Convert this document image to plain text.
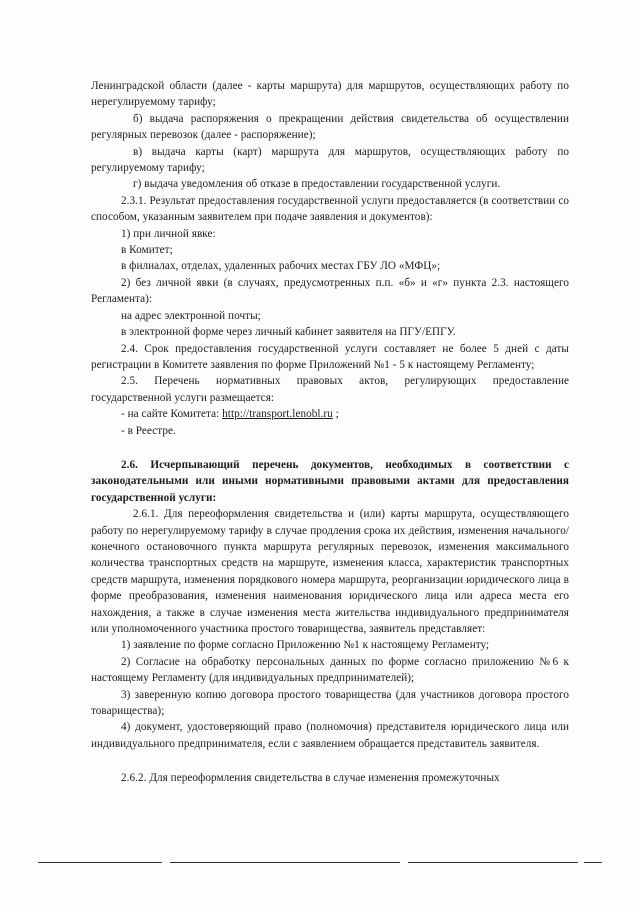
Ленинградской области (далее - карты маршрута) для маршрутов, осуществляющих работу по нерегулируемому тарифу;

б) выдача распоряжения о прекращении действия свидетельства об осуществлении регулярных перевозок (далее - распоряжение);

в) выдача карты (карт) маршрута для маршрутов, осуществляющих работу по регулируемому тарифу;

г) выдача уведомления об отказе в предоставлении государственной услуги.

2.3.1. Результат предоставления государственной услуги предоставляется (в соответствии со способом, указанным заявителем при подаче заявления и документов):

1) при личной явке:

в Комитет;

в филиалах, отделах, удаленных рабочих местах ГБУ ЛО «МФЦ»;

2) без личной явки (в случаях, предусмотренных п.п. «б» и «г» пункта 2.3. настоящего Регламента):

на адрес электронной почты;

в электронной форме через личный кабинет заявителя на ПГУ/ЕПГУ.

2.4. Срок предоставления государственной услуги составляет не более 5 дней с даты регистрации в Комитете заявления по форме Приложений №1 - 5 к настоящему Регламенту;

2.5. Перечень нормативных правовых актов, регулирующих предоставление государственной услуги размещается:

- на сайте Комитета: http://transport.lenobl.ru ;

- в Реестре.

2.6. Исчерпывающий перечень документов, необходимых в соответствии с законодательными или иными нормативными правовыми актами для предоставления государственной услуги:

2.6.1. Для переоформления свидетельства и (или) карты маршрута, осуществляющего работу по нерегулируемому тарифу в случае продления срока их действия, изменения начального/конечного остановочного пункта маршрута регулярных перевозок, изменения максимального количества транспортных средств на маршруте, изменения класса, характеристик транспортных средств маршрута, изменения порядкового номера маршрута, реорганизации юридического лица в форме преобразования, изменения наименования юридического лица или адреса места его нахождения, а также в случае изменения места жительства индивидуального предпринимателя или уполномоченного участника простого товарищества, заявитель представляет:

1) заявление по форме согласно Приложению №1 к настоящему Регламенту;

2) Согласие на обработку персональных данных по форме согласно приложению №6 к настоящему Регламенту (для индивидуальных предпринимателей);

3) заверенную копию договора простого товарищества (для участников договора простого товарищества);

4) документ, удостоверяющий право (полномочия) представителя юридического лица или индивидуального предпринимателя, если с заявлением обращается представитель заявителя.

2.6.2. Для переоформления свидетельства в случае изменения промежуточных
